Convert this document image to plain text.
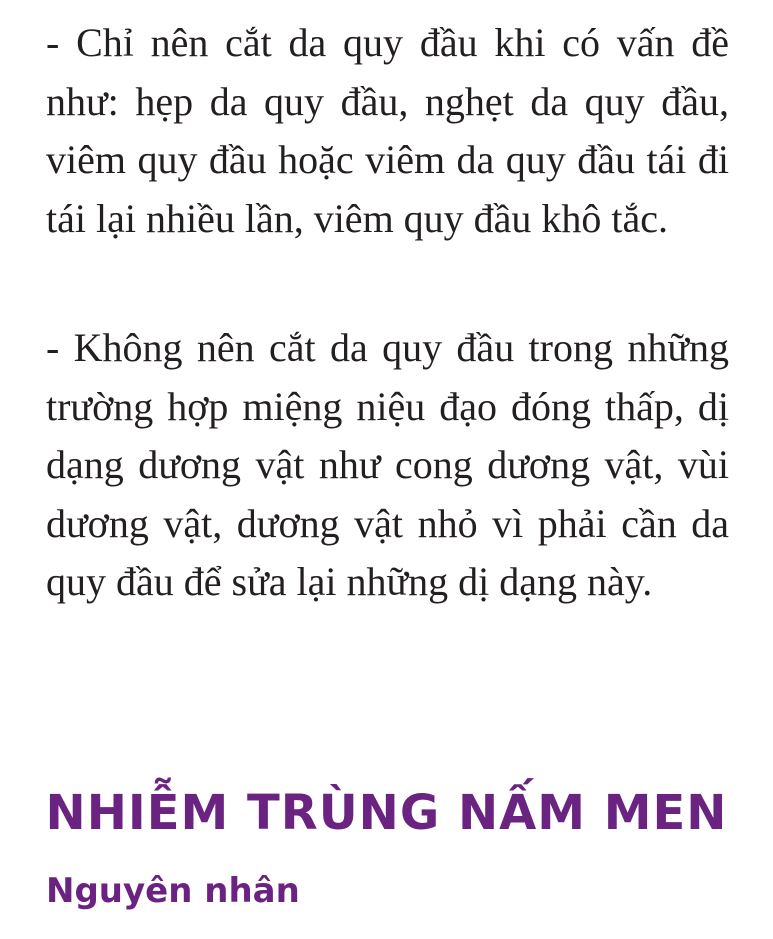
- Chỉ nên cắt da quy đầu khi có vấn đề như: hẹp da quy đầu, nghẹt da quy đầu, viêm quy đầu hoặc viêm da quy đầu tái đi tái lại nhiều lần, viêm quy đầu khô tắc.

- Không nên cắt da quy đầu trong những trường hợp miệng niệu đạo đóng thấp, dị dạng dương vật như cong dương vật, vùi dương vật, dương vật nhỏ vì phải cần da quy đầu để sửa lại những dị dạng này.

NHIỄM TRÙNG NẤM MEN
Nguyên nhân
